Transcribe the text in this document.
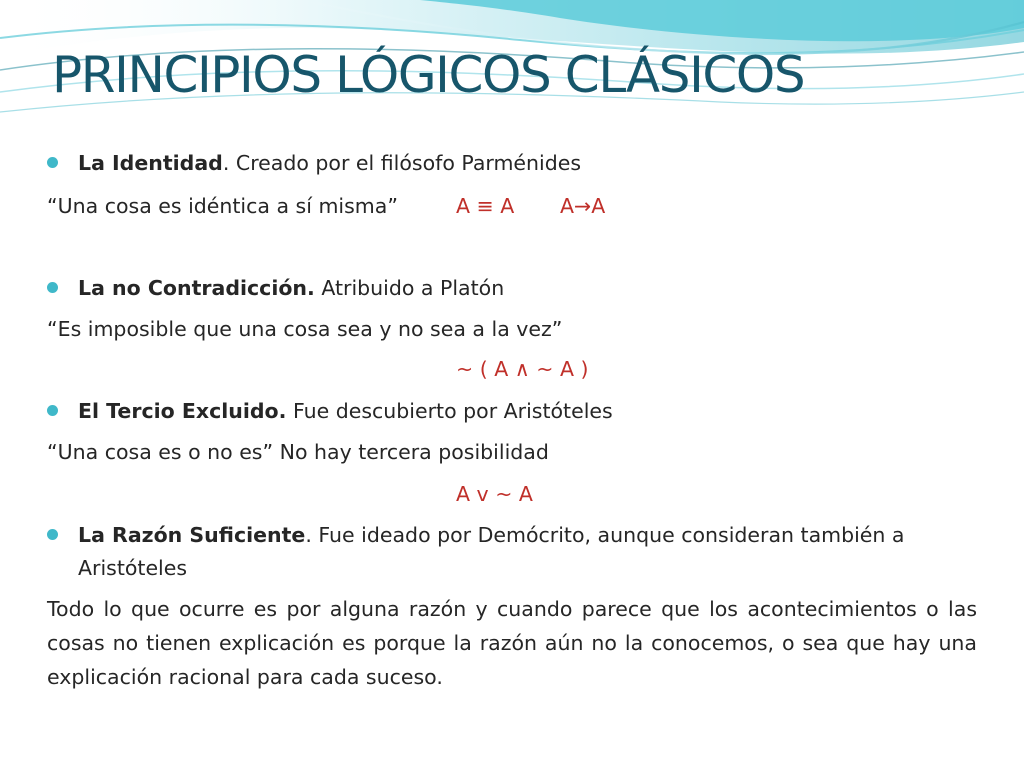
PRINCIPIOS LÓGICOS CLÁSICOS

La Identidad. Creado por el filósofo Parménides

“Una cosa es idéntica a sí misma”	A ≡ A A→A

La no Contradicción. Atribuido a Platón

“Es imposible que una cosa sea y no sea a la vez”

~ ( A ∧ ~ A )

El Tercio Excluido. Fue descubierto por Aristóteles

“Una cosa es o no es” No hay tercera posibilidad

A v ~ A

La Razón Suficiente. Fue ideado por Demócrito, aunque consideran también a

Aristóteles

Todo lo que ocurre es por alguna razón y cuando parece que los acontecimientos o las cosas no tienen explicación es porque la razón aún no la conocemos, o sea que hay una explicación racional para cada suceso.
